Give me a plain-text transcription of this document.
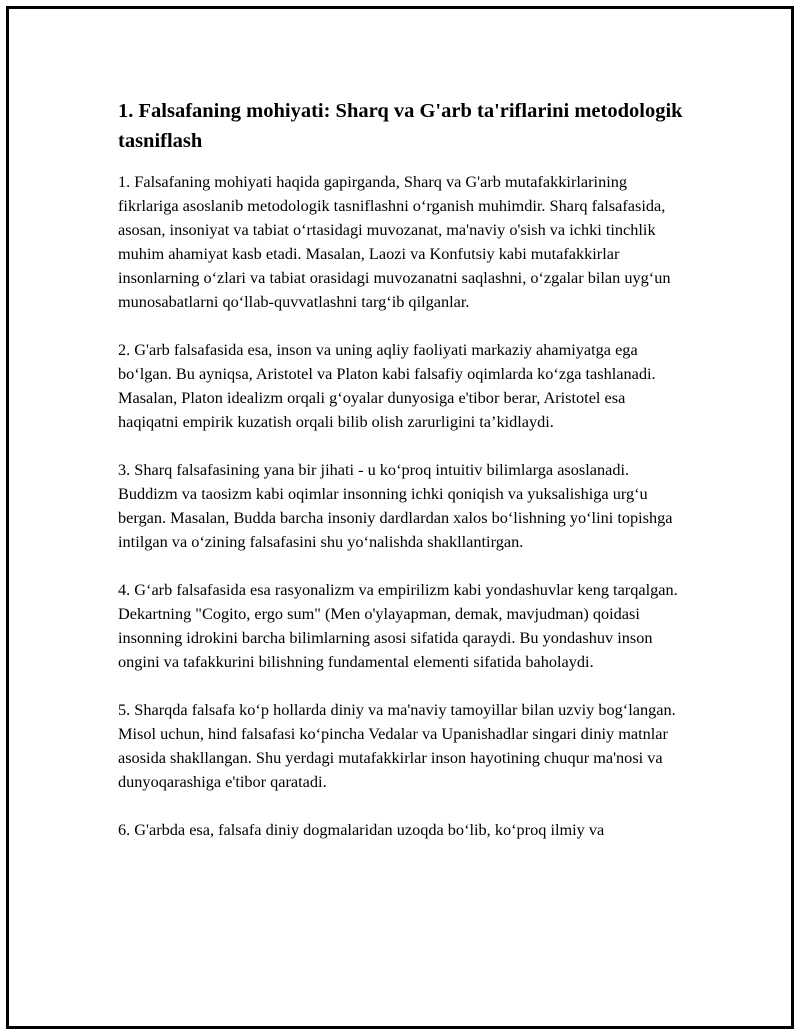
1. Falsafaning mohiyati: Sharq va G'arb ta'riflarini metodologik tasniflash

1. Falsafaning mohiyati haqida gapirganda, Sharq va G'arb mutafakkirlarining fikrlariga asoslanib metodologik tasniflashni o‘rganish muhimdir. Sharq falsafasida, asosan, insoniyat va tabiat o‘rtasidagi muvozanat, ma'naviy o'sish va ichki tinchlik muhim ahamiyat kasb etadi. Masalan, Laozi va Konfutsiy kabi mutafakkirlar insonlarning o‘zlari va tabiat orasidagi muvozanatni saqlashni, o‘zgalar bilan uyg‘un munosabatlarni qo‘llab-quvvatlashni targ‘ib qilganlar.

2. G'arb falsafasida esa, inson va uning aqliy faoliyati markaziy ahamiyatga ega bo‘lgan. Bu ayniqsa, Aristotel va Platon kabi falsafiy oqimlarda ko‘zga tashlanadi. Masalan, Platon idealizm orqali g‘oyalar dunyosiga e'tibor berar, Aristotel esa haqiqatni empirik kuzatish orqali bilib olish zarurligini ta’kidlaydi.

3. Sharq falsafasining yana bir jihati - u ko‘proq intuitiv bilimlarga asoslanadi. Buddizm va taosizm kabi oqimlar insonning ichki qoniqish va yuksalishiga urg‘u bergan. Masalan, Budda barcha insoniy dardlardan xalos bo‘lishning yo‘lini topishga intilgan va o‘zining falsafasini shu yo‘nalishda shakllantirgan.

4. G‘arb falsafasida esa rasyonalizm va empirilizm kabi yondashuvlar keng tarqalgan. Dekartning "Cogito, ergo sum" (Men o'ylayapman, demak, mavjudman) qoidasi insonning idrokini barcha bilimlarning asosi sifatida qaraydi. Bu yondashuv inson ongini va tafakkurini bilishning fundamental elementi sifatida baholaydi.

5. Sharqda falsafa ko‘p hollarda diniy va ma'naviy tamoyillar bilan uzviy bog‘langan. Misol uchun, hind falsafasi ko‘pincha Vedalar va Upanishadlar singari diniy matnlar asosida shakllangan. Shu yerdagi mutafakkirlar inson hayotining chuqur ma'nosi va dunyoqarashiga e'tibor qaratadi.

6. G'arbda esa, falsafa diniy dogmalaridan uzoqda bo‘lib, ko‘proq ilmiy va
